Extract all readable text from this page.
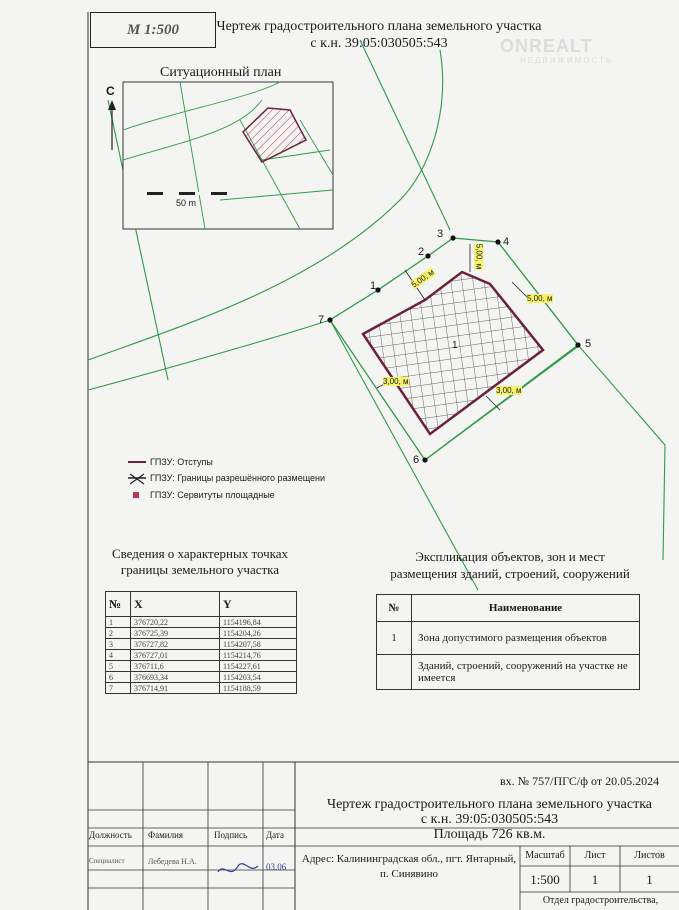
М 1:500	Чертеж градостроительного плана земельного участка
с к.н. 39:05:030505:543	ONREALT
НЕДВИЖИМОСТЬ
Ситуационный план
С
50 m
1
2
3
4
5
6
7
1
5,00, м
5,00, м
5,00, м
3,00, м
3,00, м
ГПЗУ: Отступы
ГПЗУ: Границы разрешённого размещени
ГПЗУ: Сервитуты площадные
Сведения о характерных точках
границы земельного участка
№	X	Y
1	376720,22	1154196,84
2	376725,39	1154204,26
3	376727,82	1154207,58
4	376727,01	1154214,76
5	376711,6	1154227,61
6	376693,34	1154203,54
7	376714,91	1154188,59
Экспликация объектов, зон и мест
размещения зданий, строений, сооружений
№	Наименование
1	Зона допустимого размещения объектов
	Зданий, строений, сооружений на участке не имеется
вх. № 757/ПГС/ф от 20.05.2024
Чертеж градостроительного плана земельного участка
с к.н. 39:05:030505:543
Площадь 726 кв.м.
Должность Фамилия	Подпись Дата
Специалист	Лебедева Н.А.
03.06
Адрес: Калининградская обл., пгт. Янтарный,
п. Синявино
Масштаб	Лист	Листов
1:500	1	1
Отдел градостроительства,
